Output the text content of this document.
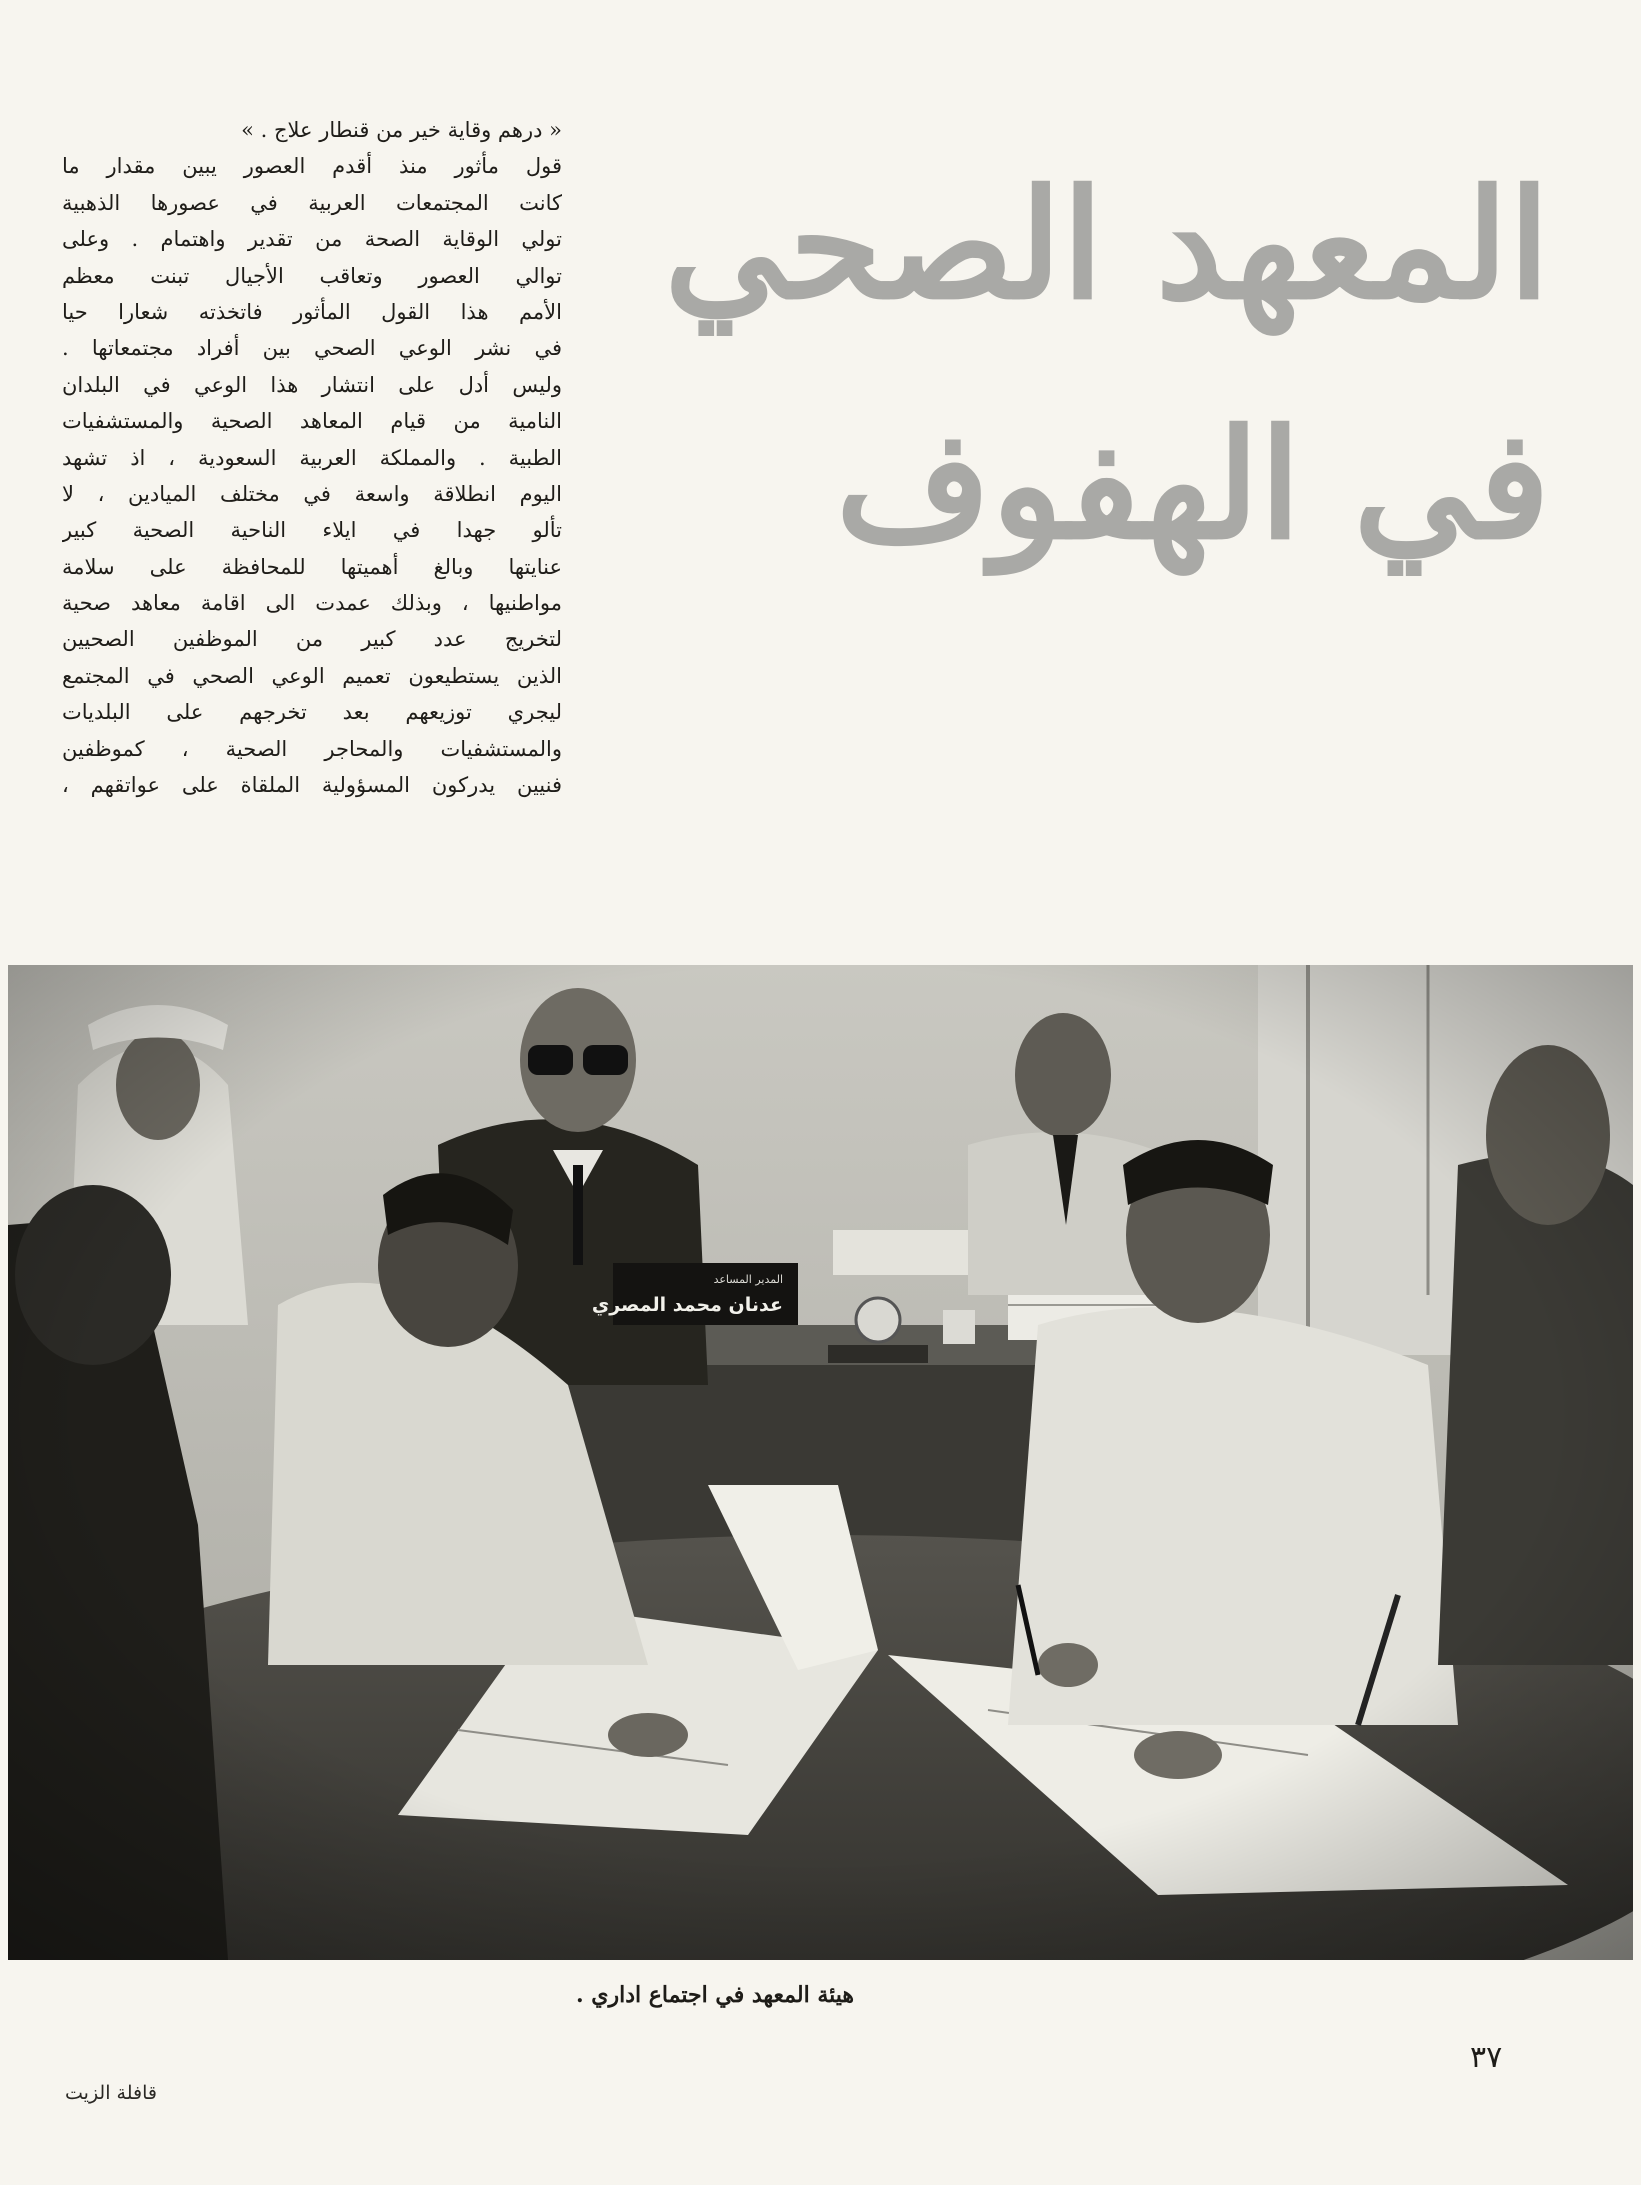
المعهد الصحي
في الهفوف
« درهم وقاية خير من قنطار علاج . »
قول مأثور منذ أقدم العصور يبين مقدار ما
كانت المجتمعات العربية في عصورها الذهبية
تولي الوقاية الصحة من تقدير واهتمام . وعلى
توالي العصور وتعاقب الأجيال تبنت معظم
الأمم هذا القول المأثور فاتخذته شعارا حيا
في نشر الوعي الصحي بين أفراد مجتمعاتها .
وليس أدل على انتشار هذا الوعي في البلدان
النامية من قيام المعاهد الصحية والمستشفيات
الطبية . والمملكة العربية السعودية ، اذ تشهد
اليوم انطلاقة واسعة في مختلف الميادين ، لا
تألو جهدا في ايلاء الناحية الصحية كبير
عنايتها وبالغ أهميتها للمحافظة على سلامة
مواطنيها ، وبذلك عمدت الى اقامة معاهد صحية
لتخريج عدد كبير من الموظفين الصحيين
الذين يستطيعون تعميم الوعي الصحي في المجتمع
ليجري توزيعهم بعد تخرجهم على البلديات
والمستشفيات والمحاجر الصحية ، كموظفين
فنيين يدركون المسؤولية الملقاة على عواتقهم ،
هيئة المعهد في اجتماع اداري .
٣٧
قافلة الزيت
